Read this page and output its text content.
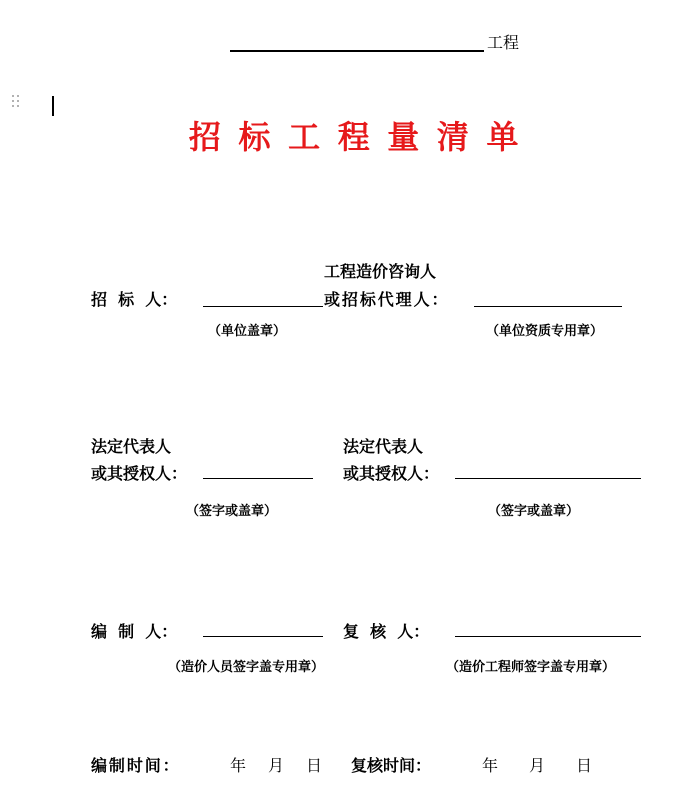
工程
招标工程量清单
招  标  人：
（单位盖章）
工程造价咨询人
或招标代理人：
（单位资质专用章）
法定代表人
或其授权人：
（签字或盖章）
法定代表人
或其授权人：
（签字或盖章）
编  制  人：
（造价人员签字盖专用章）
复  核  人：
（造价工程师签字盖专用章）
编制时间：	年 月 日 复核时间：	年 月 日
